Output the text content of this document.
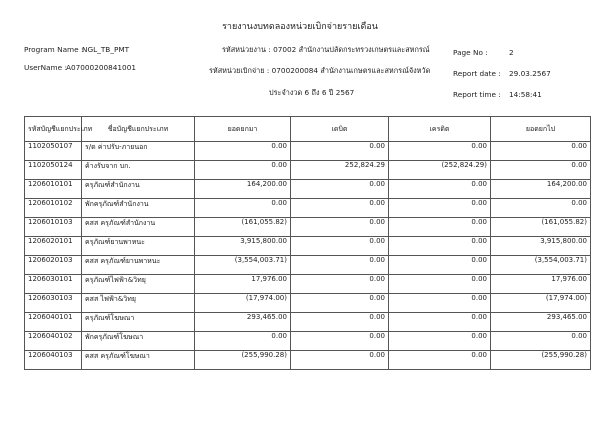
รายงานงบทดลองหน่วยเบิกจ่ายรายเดือน
Program Name :
NGL_TB_PMT
UserName : A07000200841001
รหัสหน่วยงาน : 07002 สำนักงานปลัดกระทรวงเกษตรและสหกรณ์
รหัสหน่วยเบิกจ่าย : 0700200084 สำนักงานเกษตรและสหกรณ์จังหวัด
ประจำงวด 6 ถึง 6 ปี 2567
Page No :	2
Report date : 29.03.2567
Report time : 14:58:41
รหัสบัญชีแยกประเภท	ชื่อบัญชีแยกประเภท	ยอดยกมา	เดบิต	เครดิต	ยอดยกไป
1102050107	ร/ด ค่าปรับ-ภายนอก	0.00	0.00	0.00	0.00
1102050124	ค้างรับจาก บก.	0.00	252,824.29	(252,824.29)	0.00
1206010101	ครุภัณฑ์สำนักงาน	164,200.00	0.00	0.00	164,200.00
1206010102	พักครุภัณฑ์สำนักงาน	0.00	0.00	0.00	0.00
1206010103	คสส ครุภัณฑ์สำนักงาน	(161,055.82)	0.00	0.00	(161,055.82)
1206020101	ครุภัณฑ์ยานพาหนะ	3,915,800.00	0.00	0.00	3,915,800.00
1206020103	คสส ครุภัณฑ์ยานพาหนะ	(3,554,003.71)	0.00	0.00	(3,554,003.71)
1206030101	ครุภัณฑ์ไฟฟ้า&วิทยุ	17,976.00	0.00	0.00	17,976.00
1206030103	คสส ไฟฟ้า&วิทยุ	(17,974.00)	0.00	0.00	(17,974.00)
1206040101	ครุภัณฑ์โฆษณา	293,465.00	0.00	0.00	293,465.00
1206040102	พักครุภัณฑ์โฆษณา	0.00	0.00	0.00	0.00
1206040103	คสส ครุภัณฑ์โฆษณา	(255,990.28)	0.00	0.00	(255,990.28)
